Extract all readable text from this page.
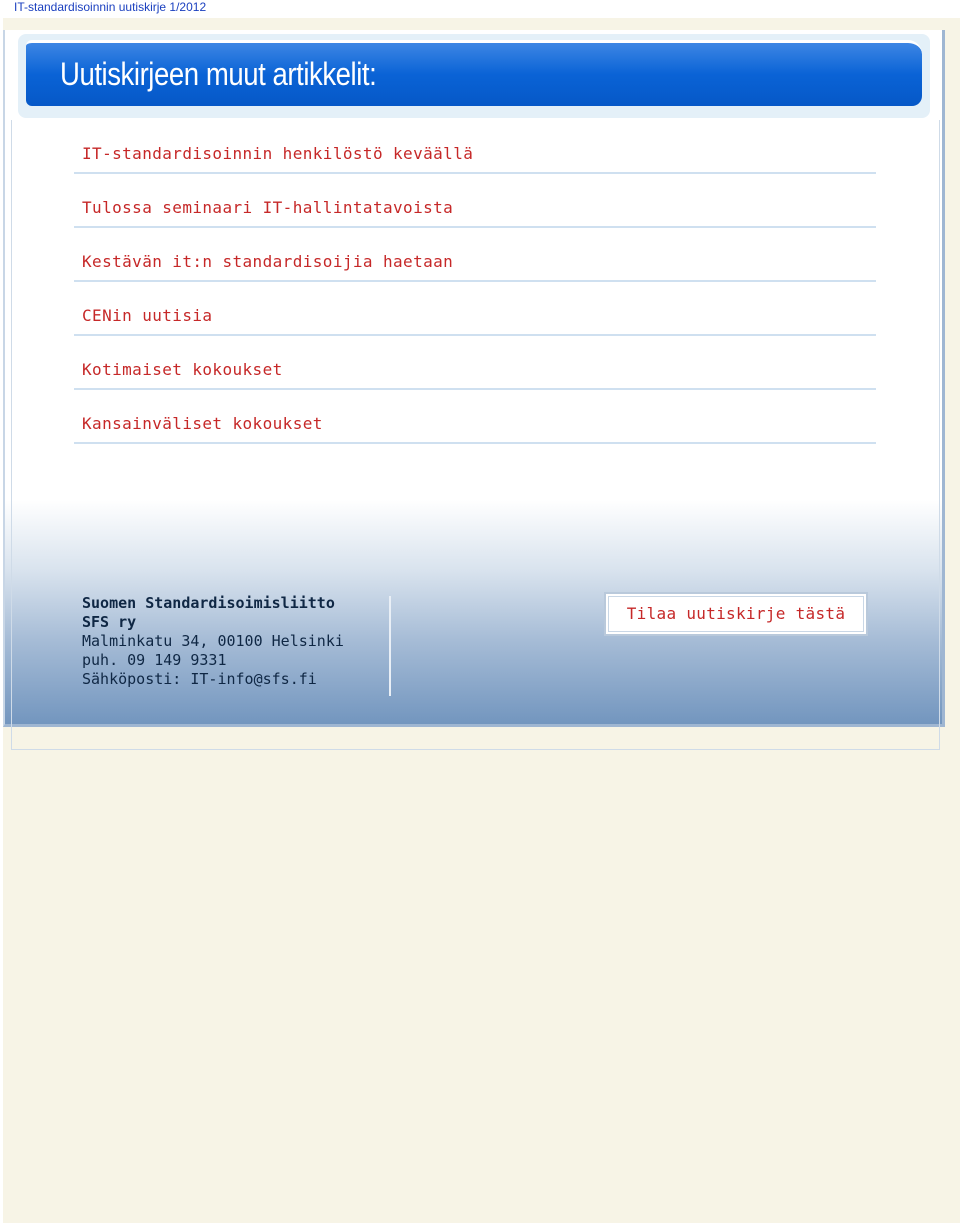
IT-standardisoinnin uutiskirje 1/2012
Uutiskirjeen muut artikkelit:
IT-standardisoinnin henkilöstö keväällä
Tulossa seminaari IT-hallintatavoista
Kestävän it:n standardisoijia haetaan
CENin uutisia
Kotimaiset kokoukset
Kansainväliset kokoukset
Suomen Standardisoimisliitto
SFS ry
Malminkatu 34, 00100 Helsinki
puh. 09 149 9331
Sähköposti: IT-info@sfs.fi
Tilaa uutiskirje tästä
